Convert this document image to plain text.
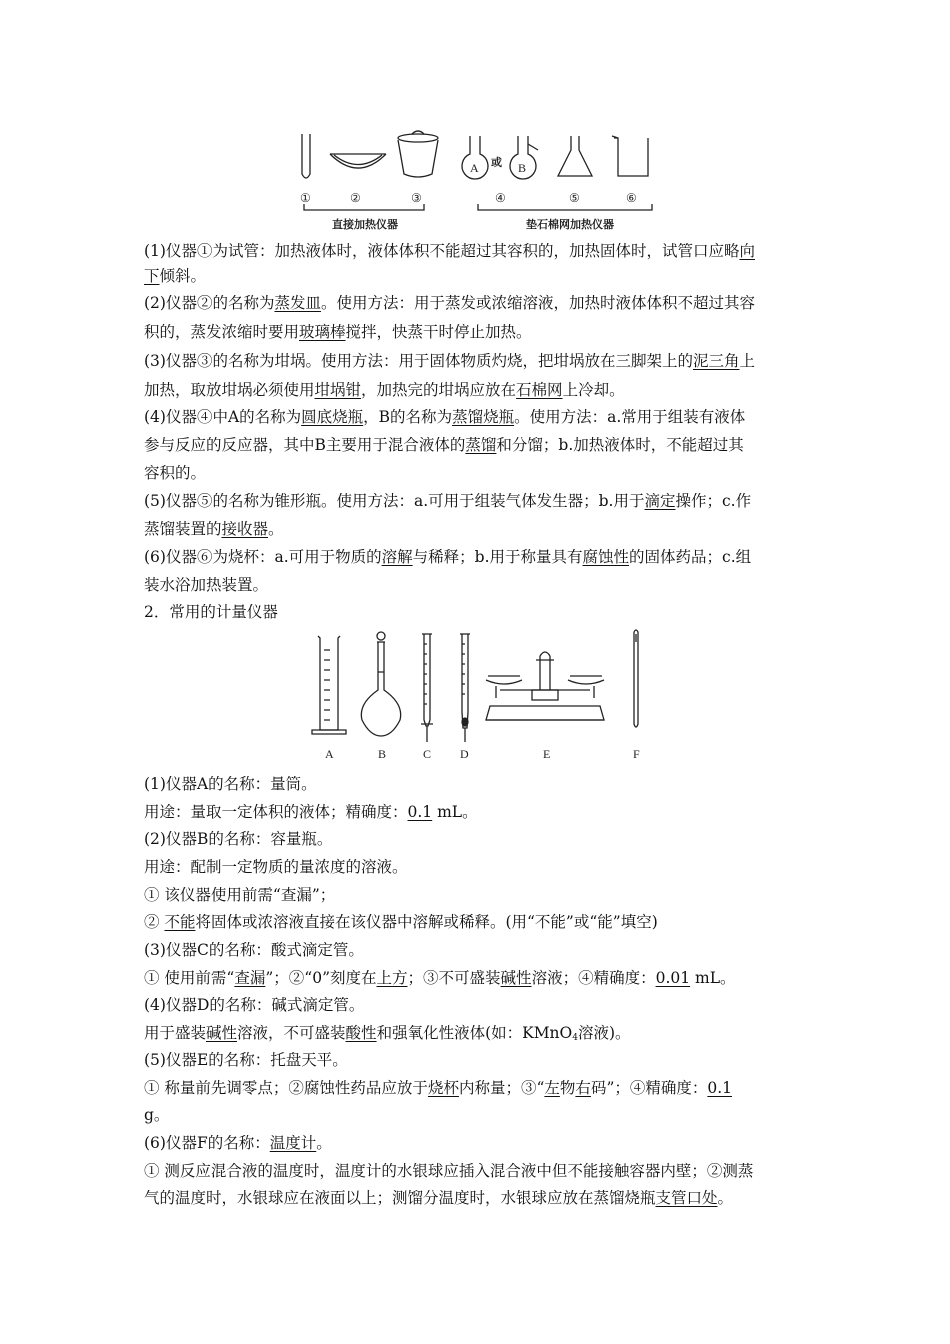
A 或 B
①	②	③	④	⑤	⑥
直接加热仪器	垫石棉网加热仪器
(1)仪器①为试管：加热液体时，液体体积不能超过其容积的，加热固体时，试管口应略向
下倾斜。
(2)仪器②的名称为蒸发皿。使用方法：用于蒸发或浓缩溶液，加热时液体体积不超过其容
积的，蒸发浓缩时要用玻璃棒搅拌，快蒸干时停止加热。
(3)仪器③的名称为坩埚。使用方法：用于固体物质灼烧，把坩埚放在三脚架上的泥三角上
加热，取放坩埚必须使用坩埚钳，加热完的坩埚应放在石棉网上冷却。
(4)仪器④中A的名称为圆底烧瓶，B的名称为蒸馏烧瓶。使用方法：a.常用于组装有液体
参与反应的反应器，其中B主要用于混合液体的蒸馏和分馏；b.加热液体时，不能超过其
容积的。
(5)仪器⑤的名称为锥形瓶。使用方法：a.可用于组装气体发生器；b.用于滴定操作；c.作
蒸馏装置的接收器。
(6)仪器⑥为烧杯：a.可用于物质的溶解与稀释；b.用于称量具有腐蚀性的固体药品；c.组
装水浴加热装置。
2．常用的计量仪器
A	B	C D	E	F
(1)仪器A的名称：量筒。
用途：量取一定体积的液体；精确度：0.1 mL。
(2)仪器B的名称：容量瓶。
用途：配制一定物质的量浓度的溶液。
① 该仪器使用前需“查漏”；
② 不能将固体或浓溶液直接在该仪器中溶解或稀释。(用“不能”或“能”填空)
(3)仪器C的名称：酸式滴定管。
① 使用前需“查漏”；②“0”刻度在上方；③不可盛装碱性溶液；④精确度：0.01 mL。
(4)仪器D的名称：碱式滴定管。
用于盛装碱性溶液，不可盛装酸性和强氧化性液体(如：KMnO$_4$溶液)。
(5)仪器E的名称：托盘天平。
① 称量前先调零点；②腐蚀性药品应放于烧杯内称量；③“左物右码”；④精确度：0.1
g。
(6)仪器F的名称：温度计。
① 测反应混合液的温度时，温度计的水银球应插入混合液中但不能接触容器内壁；②测蒸
气的温度时，水银球应在液面以上；测馏分温度时，水银球应放在蒸馏烧瓶支管口处。
